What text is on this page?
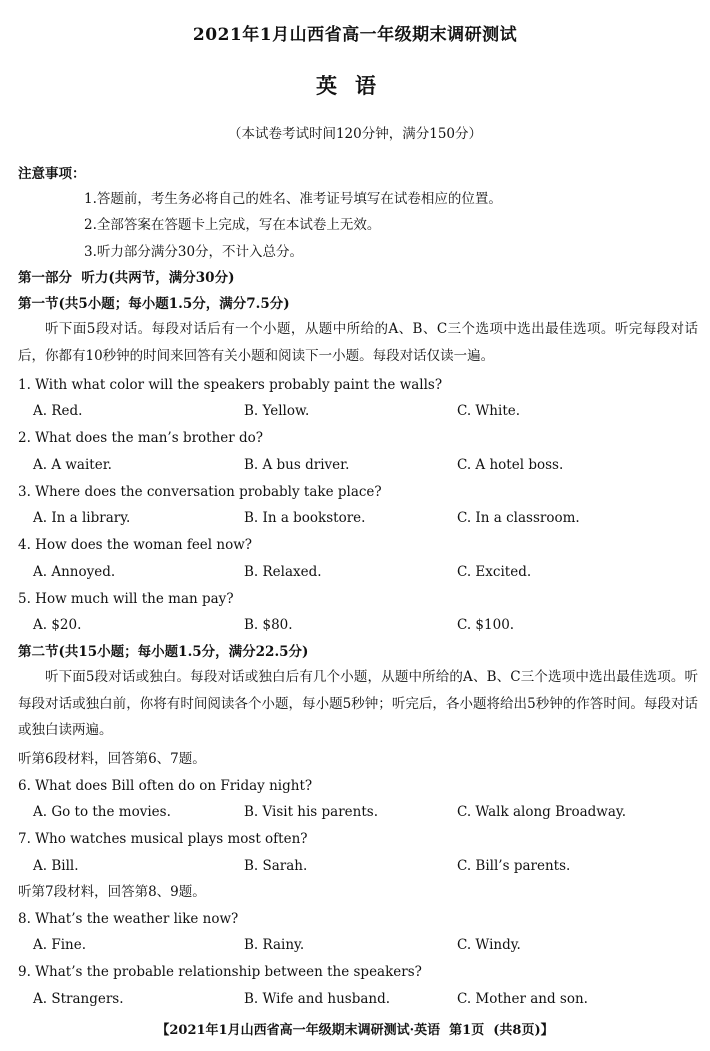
2021年1月山西省高一年级期末调研测试
英语
（本试卷考试时间120分钟，满分150分）
注意事项：
1.答题前，考生务必将自己的姓名、准考证号填写在试卷相应的位置。
2.全部答案在答题卡上完成，写在本试卷上无效。
3.听力部分满分30分，不计入总分。
第一部分  听力(共两节，满分30分)
第一节(共5小题；每小题1.5分，满分7.5分)
听下面5段对话。每段对话后有一个小题，从题中所给的A、B、C三个选项中选出最佳选项。听完每段对话后，你都有10秒钟的时间来回答有关小题和阅读下一小题。每段对话仅读一遍。
1. With what color will the speakers probably paint the walls?
A. Red.	B. Yellow.	C. White.
2. What does the man’s brother do?
A. A waiter.	B. A bus driver.	C. A hotel boss.
3. Where does the conversation probably take place?
A. In a library.	B. In a bookstore.	C. In a classroom.
4. How does the woman feel now?
A. Annoyed.	B. Relaxed.	C. Excited.
5. How much will the man pay?
A. $20.	B. $80.	C. $100.
第二节(共15小题；每小题1.5分，满分22.5分)
听下面5段对话或独白。每段对话或独白后有几个小题，从题中所给的A、B、C三个选项中选出最佳选项。听每段对话或独白前，你将有时间阅读各个小题，每小题5秒钟；听完后，各小题将给出5秒钟的作答时间。每段对话或独白读两遍。
听第6段材料，回答第6、7题。
6. What does Bill often do on Friday night?
A. Go to the movies.	B. Visit his parents.	C. Walk along Broadway.
7. Who watches musical plays most often?
A. Bill.	B. Sarah.	C. Bill’s parents.
听第7段材料，回答第8、9题。
8. What’s the weather like now?
A. Fine.	B. Rainy.	C. Windy.
9. What’s the probable relationship between the speakers?
A. Strangers.	B. Wife and husband.	C. Mother and son.
【2021年1月山西省高一年级期末调研测试·英语  第1页  (共8页)】
